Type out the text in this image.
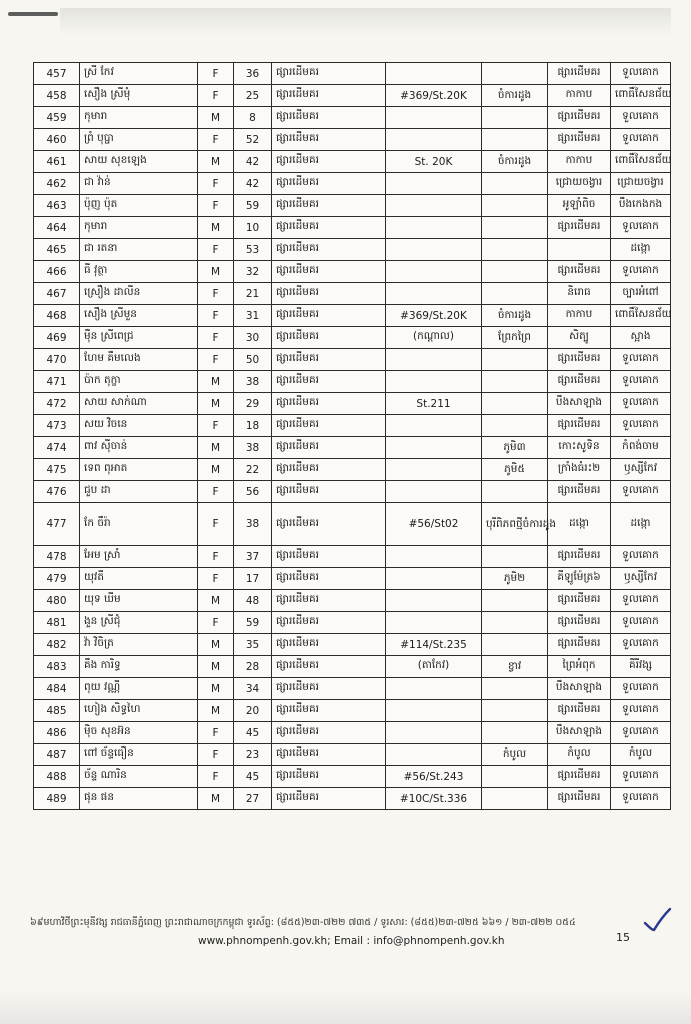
457	ស្រី កែវ	F	36	ផ្សារដើមគរ			ផ្សារដើមគរ	ទួលគោក
458	សឿង ស្រីមុំ	F	25	ផ្សារដើមគរ	#369/St.20K	ចំការដូង	កាកាប	ពោធិ៍សែនជ័យ
459	កុមារា	M	8	ផ្សារដើមគរ			ផ្សារដើមគរ	ទួលគោក
460	ព្រំ បុប្ផា	F	52	ផ្សារដើមគរ			ផ្សារដើមគរ	ទួលគោក
461	សាយ សុខឡេង	M	42	ផ្សារដើមគរ	St. 20K	ចំការដូង	កាកាប	ពោធិ៍សែនជ័យ
462	ជា វ៉ាន់	F	42	ផ្សារដើមគរ			ជ្រោយចង្វារ	ជ្រោយចង្វារ
463	ប៉ុញ ប៉ុត	F	59	ផ្សារដើមគរ			អូឡាំពិច	បឹងកេងកង
464	កុមារា	M	10	ផ្សារដើមគរ			ផ្សារដើមគរ	ទួលគោក
465	ជា រតនា	F	53	ផ្សារដើមគរ				ដង្កោ
466	ធី វុត្ថា	M	32	ផ្សារដើមគរ			ផ្សារដើមគរ	ទួលគោក
467	ស្រឿង ដាលីន	F	21	ផ្សារដើមគរ			និរោធ	ច្បារអំពៅ
468	សឿង ស្រីមួន	F	31	ផ្សារដើមគរ	#369/St.20K	ចំការដូង	កាកាប	ពោធិ៍សែនជ័យ
469	ម៉ឺន ស្រីពេជ្រ	F	30	ផ្សារដើមគរ	(កណ្ដាល)	ព្រែកព្រៃ	សិត្បូ	ស្អាង
470	ហែម គឹមលេង	F	50	ផ្សារដើមគរ			ផ្សារដើមគរ	ទួលគោក
471	ប៉ាក តុក្ខា	M	38	ផ្សារដើមគរ			ផ្សារដើមគរ	ទួលគោក
472	សាយ សាក់ណា	M	29	ផ្សារដើមគរ	St.211		បឹងសាឡាង	ទួលគោក
473	សយ វិចនេ	F	18	ផ្សារដើមគរ			ផ្សារដើមគរ	ទួលគោក
474	ពាវ ស៊ីចាន់	M	38	ផ្សារដើមគរ		ភូមិ៣	កោះសូទិន	កំពង់ចាម
475	ទេព ពុអាត	M	22	ផ្សារដើមគរ		ភូមិ៥	ក្រាំងធំរះ២	ឫស្សីកែវ
476	ជួប ដា	F	56	ផ្សារដើមគរ			ផ្សារដើមគរ	ទួលគោក
477	កែ ចឹរ៉ា	F	38	ផ្សារដើមគរ	#56/St02	បុរីពិភពថ្មីចំការដូង	ដង្កោ	ដង្កោ
478	អែម ស្រាំ	F	37	ផ្សារដើមគរ			ផ្សារដើមគរ	ទួលគោក
479	យុវតី	F	17	ផ្សារដើមគរ		ភូមិ២	គីឡូម៉ែត្រ៦	ឫស្សីកែវ
480	យុទ ឃីម	M	48	ផ្សារដើមគរ			ផ្សារដើមគរ	ទួលគោក
481	ងួន ស្រីជុំ	F	59	ផ្សារដើមគរ			ផ្សារដើមគរ	ទួលគោក
482	វ៉ា វិចិត្រ	M	35	ផ្សារដើមគរ	#114/St.235		ផ្សារដើមគរ	ទួលគោក
483	គឹង ការិទ្ធ	M	28	ផ្សារដើមគរ	(តាកែវ)	ខ្វាវ	ព្រៃអំពុក	គីរីវង្ស
484	ពុយ វណ្ណី	M	34	ផ្សារដើមគរ			បឹងសាឡាង	ទួលគោក
485	ហៀង សិទ្ធហៃ	M	20	ផ្សារដើមគរ			ផ្សារដើមគរ	ទួលគោក
486	ម៉ិច សុខអ៊ន	F	45	ផ្សារដើមគរ			បឹងសាឡាង	ទួលគោក
487	ពៅ ច័ន្ទធឿន	F	23	ផ្សារដើមគរ		កំបូល	កំបូល	កំបូល
488	ច័ន្ទ ណារិន	F	45	ផ្សារដើមគរ	#56/St.243		ផ្សារដើមគរ	ទួលគោក
489	ផុន ផន	M	27	ផ្សារដើមគរ	#10C/St.336		ផ្សារដើមគរ	ទួលគោក
៦៩មហាវិថីព្រះមុនីវង្ស រាជធានីភ្នំពេញ ព្រះរាជាណាចក្រកម្ពុជា ទូរស័ព្ទ: (៨៥៥)២៣-៧២២ ៧៣៥ / ទូរសារ: (៨៥៥)២៣-៧២៥ ៦៦១ / ២៣-៧២២ ០៥៤
www.phnompenh.gov.kh; Email : info@phnompenh.gov.kh	15
